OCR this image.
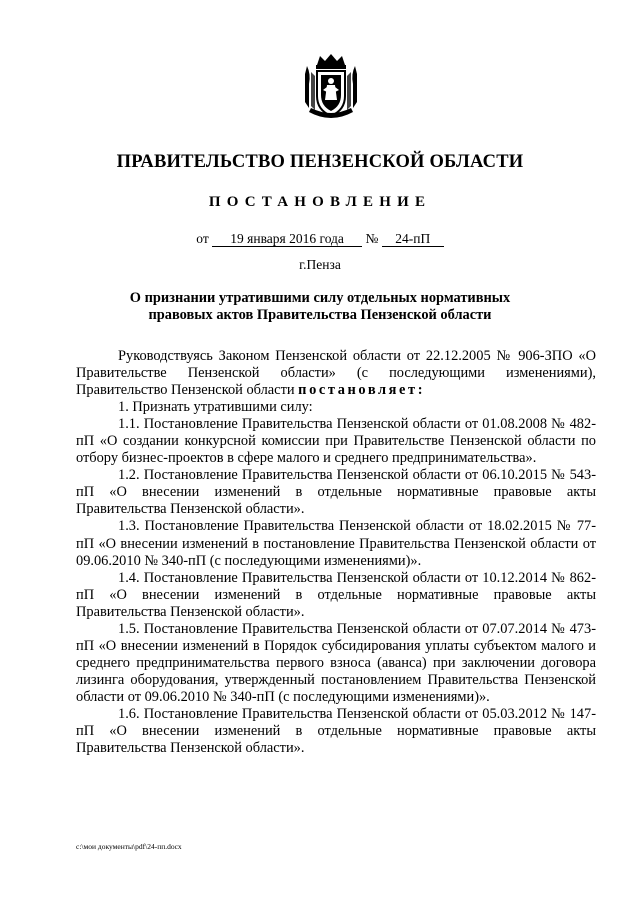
ПРАВИТЕЛЬСТВО ПЕНЗЕНСКОЙ ОБЛАСТИ
ПОСТАНОВЛЕНИЕ
от 19 января 2016 года № 24-пП
г.Пенза
О признании утратившими силу отдельных нормативных
правовых актов Правительства Пензенской области

Руководствуясь Законом Пензенской области от 22.12.2005 № 906-ЗПО «О Правительстве Пензенской области» (с последующими изменениями), Правительство Пензенской области постановляет:

1. Признать утратившими силу:

1.1. Постановление Правительства Пензенской области от 01.08.2008 № 482-пП «О создании конкурсной комиссии при Правительстве Пензенской области по отбору бизнес-проектов в сфере малого и среднего предпринимательства».

1.2. Постановление Правительства Пензенской области от 06.10.2015 № 543-пП «О внесении изменений в отдельные нормативные правовые акты Правительства Пензенской области».

1.3. Постановление Правительства Пензенской области от 18.02.2015 № 77-пП «О внесении изменений в постановление Правительства Пензенской области от 09.06.2010 № 340-пП (с последующими изменениями)».

1.4. Постановление Правительства Пензенской области от 10.12.2014 № 862-пП «О внесении изменений в отдельные нормативные правовые акты Правительства Пензенской области».

1.5. Постановление Правительства Пензенской области от 07.07.2014 № 473-пП «О внесении изменений в Порядок субсидирования уплаты субъектом малого и среднего предпринимательства первого взноса (аванса) при заключении договора лизинга оборудования, утвержденный постановлением Правительства Пензенской области от 09.06.2010 № 340-пП (с последующими изменениями)».

1.6. Постановление Правительства Пензенской области от 05.03.2012 № 147-пП «О внесении изменений в отдельные нормативные правовые акты Правительства Пензенской области».

c:\мои документы\pdf\24-пп.docx
